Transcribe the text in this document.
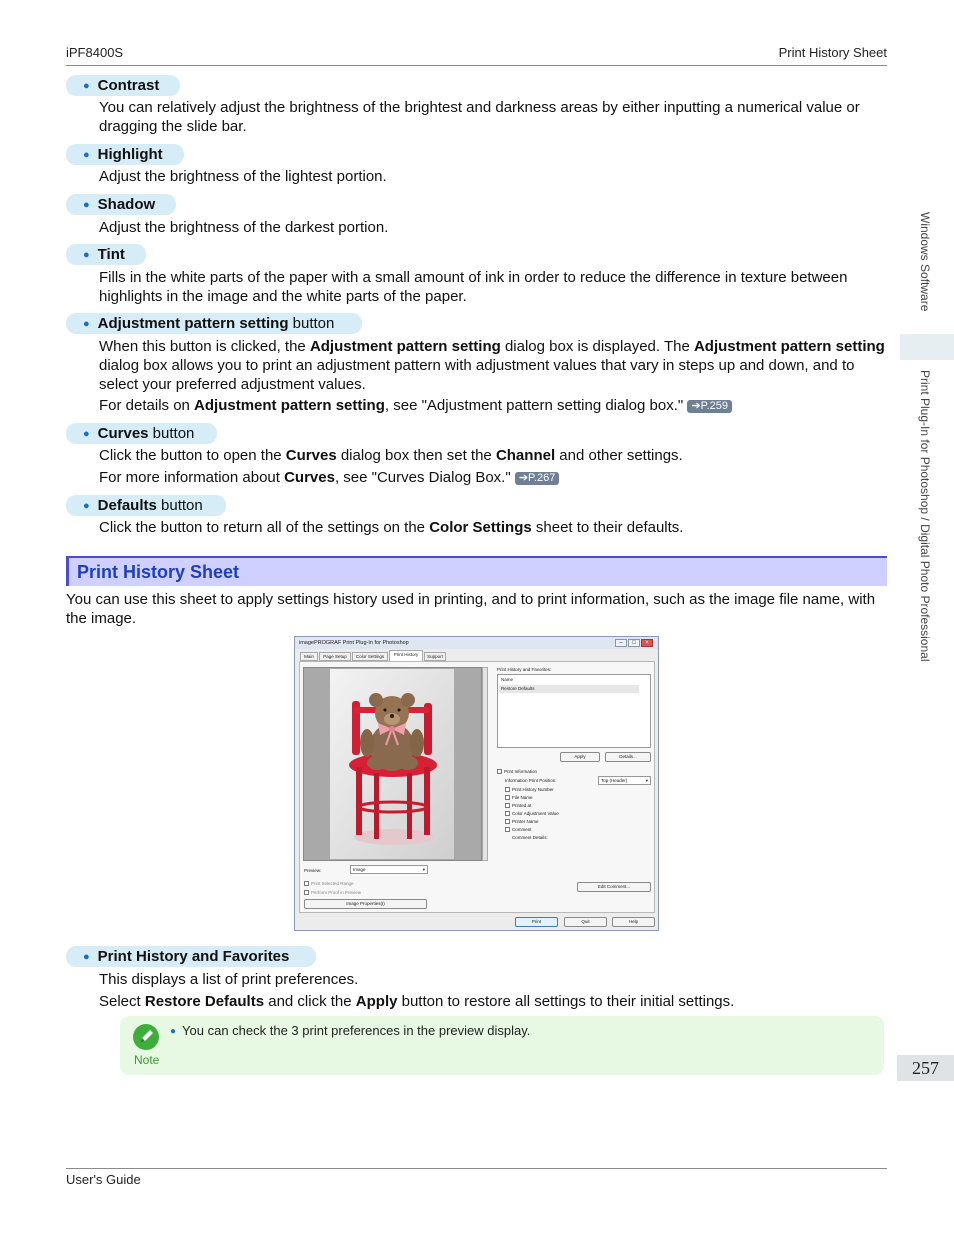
iPF8400S	Print History Sheet
● Contrast
You can relatively adjust the brightness of the brightest and darkness areas by either inputting a numerical value or dragging the slide bar.
● Highlight
Adjust the brightness of the lightest portion.
● Shadow
Adjust the brightness of the darkest portion.
● Tint
Fills in the white parts of the paper with a small amount of ink in order to reduce the difference in texture between highlights in the image and the white parts of the paper.
● Adjustment pattern setting button
When this button is clicked, the Adjustment pattern setting dialog box is displayed. The Adjustment pattern setting dialog box allows you to print an adjustment pattern with adjustment values that vary in steps up and down, and to select your preferred adjustment values.
For details on Adjustment pattern setting, see "Adjustment pattern setting dialog box." ➔P.259
● Curves button
Click the button to open the Curves dialog box then set the Channel and other settings.
For more information about Curves, see "Curves Dialog Box." ➔P.267
● Defaults button
Click the button to return all of the settings on the Color Settings sheet to their defaults.
Print History Sheet
You can use this sheet to apply settings history used in printing, and to print information, such as the image file name, with the image.
imagePROGRAF Print Plug-In for Photoshop	–	□	×
Main	Page Setup	Color Settings	Print History	Support
Preview:	Image	▾
Print Selected Range
Perform Proof in Preview
Image Properties(I)
Print History and Favorites:
Name
Restore Defaults
Apply	Details...
Print Information
Information Print Position:	Top (Header)	▾
Print History Number
File Name
Printed at
Color Adjustment Value
Printer Name
Comment
Comment Details:
Edit Comment...
Print	Quit	Help
● Print History and Favorites
This displays a list of print preferences.
Select Restore Defaults and click the Apply button to restore all settings to their initial settings.
Note
● You can check the 3 print preferences in the preview display.
Windows Software
Print Plug-In for Photoshop / Digital Photo Professional
257
User's Guide
